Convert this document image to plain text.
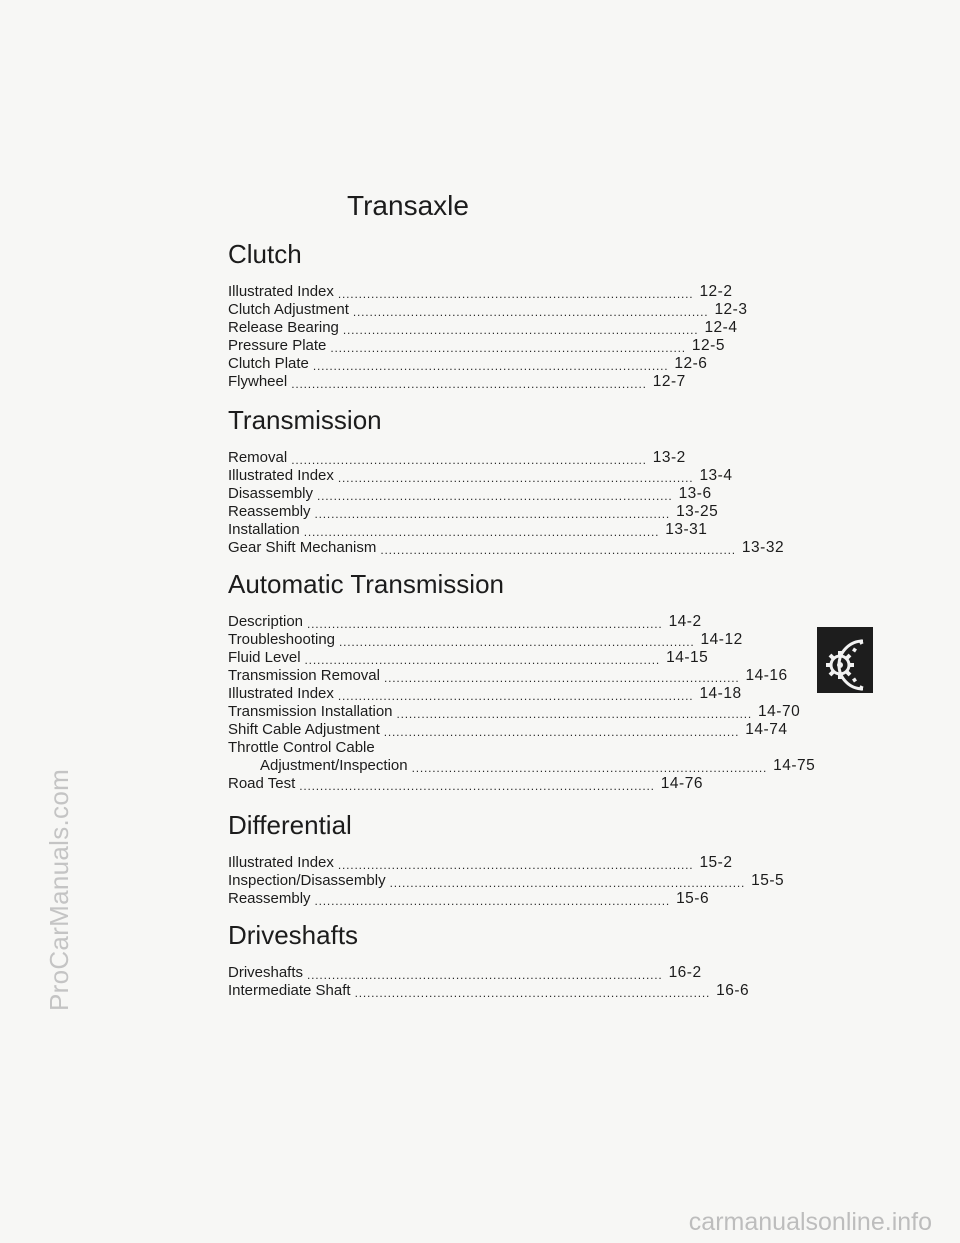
ProCarManuals.com
Transaxle
Clutch
Illustrated Index ...................................................................................... 12-2
Clutch Adjustment ...................................................................................... 12-3
Release Bearing ...................................................................................... 12-4
Pressure Plate ...................................................................................... 12-5
Clutch Plate ...................................................................................... 12-6
Flywheel ...................................................................................... 12-7
Transmission
Removal ...................................................................................... 13-2
Illustrated Index ...................................................................................... 13-4
Disassembly ...................................................................................... 13-6
Reassembly ...................................................................................... 13-25
Installation ...................................................................................... 13-31
Gear Shift Mechanism ...................................................................................... 13-32
Automatic Transmission
Description ...................................................................................... 14-2
Troubleshooting ...................................................................................... 14-12
Fluid Level ...................................................................................... 14-15
Transmission Removal ...................................................................................... 14-16
Illustrated Index ...................................................................................... 14-18
Transmission Installation ...................................................................................... 14-70
Shift Cable Adjustment ...................................................................................... 14-74
Throttle Control Cable
Adjustment/Inspection ...................................................................................... 14-75
Road Test ...................................................................................... 14-76
Differential
Illustrated Index ...................................................................................... 15-2
Inspection/Disassembly ...................................................................................... 15-5
Reassembly ...................................................................................... 15-6
Driveshafts
Driveshafts ...................................................................................... 16-2
Intermediate Shaft ...................................................................................... 16-6
carmanualsonline.info
